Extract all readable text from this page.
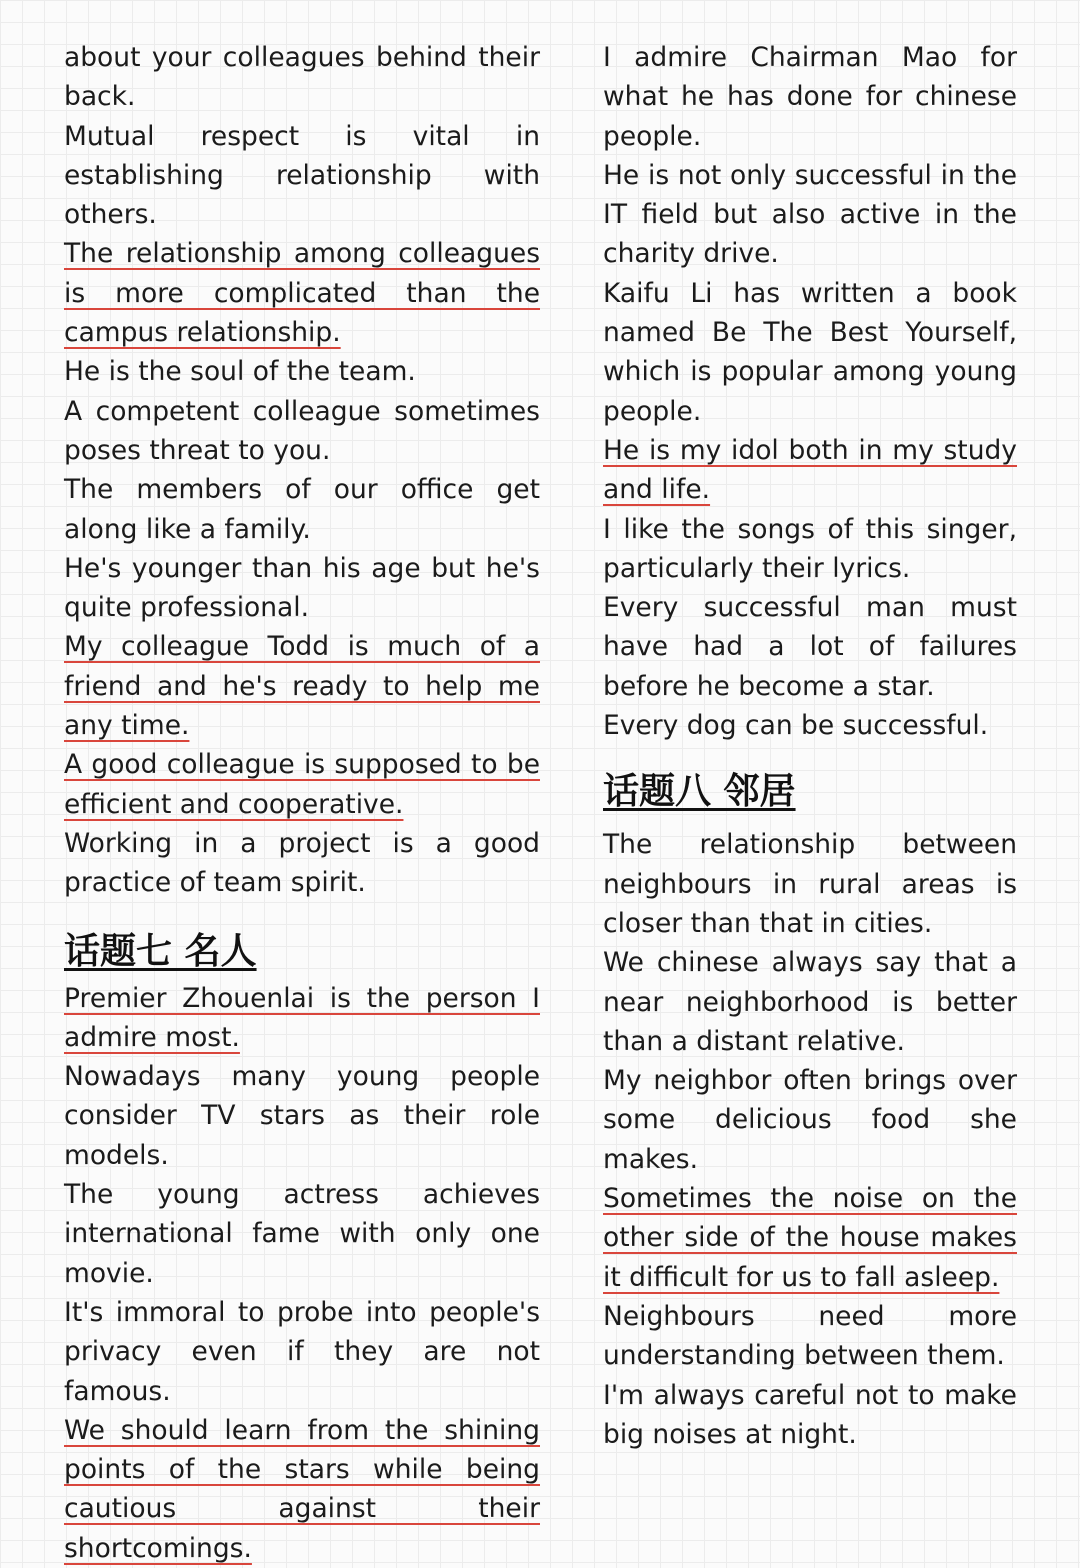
about your colleagues behind their back.

Mutual respect is vital in establishing relationship with others.

The relationship among colleagues is more complicated than the campus relationship.

He is the soul of the team.

A competent colleague sometimes poses threat to you.

The members of our office get along like a family.

He's younger than his age but he's quite professional.

My colleague Todd is much of a friend and he's ready to help me any time.

A good colleague is supposed to be efficient and cooperative.

Working in a project is a good practice of team spirit.

话题七 名人

Premier Zhouenlai is the person I admire most.

Nowadays many young people consider TV stars as their role models.

The young actress achieves international fame with only one movie.

It's immoral to probe into people's privacy even if they are not famous.

We should learn from the shining points of the stars while being cautious against their shortcomings.

I admire Chairman Mao for what he has done for chinese people.

He is not only successful in the IT field but also active in the charity drive.

Kaifu Li has written a book named Be The Best Yourself, which is popular among young people.

He is my idol both in my study and life.

I like the songs of this singer, particularly their lyrics.

Every successful man must have had a lot of failures before he become a star.

Every dog can be successful.

话题八 邻居

The relationship between neighbours in rural areas is closer than that in cities.

We chinese always say that a near neighborhood is better than a distant relative.

My neighbor often brings over some delicious food she makes.

Sometimes the noise on the other side of the house makes it difficult for us to fall asleep.

Neighbours need more understanding between them.

I'm always careful not to make big noises at night.
